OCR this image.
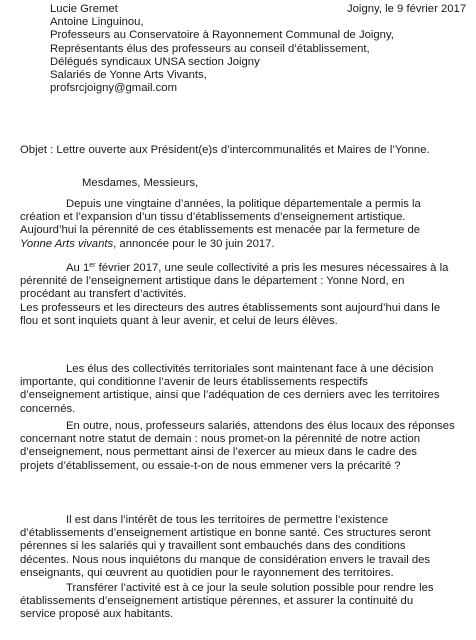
Lucie Gremet
Antoine Linguinou,
Professeurs au Conservatoire à Rayonnement Communal de Joigny,
Représentants élus des professeurs au conseil d’établissement,
Délégués syndicaux UNSA section Joigny
Salariés de Yonne Arts Vivants,
profsrcjoigny@gmail.com
Joigny, le 9 février 2017
Objet : Lettre ouverte aux Président(e)s d’intercommunalités et Maires de l’Yonne.
Mesdames, Messieurs,
Depuis une vingtaine d’années, la politique départementale a permis la
création et l’expansion d’un tissu d’établissements d’enseignement artistique.
Aujourd’hui la pérennité de ces établissements est menacée par la fermeture de
Yonne Arts vivants, annoncée pour le 30 juin 2017.
Au 1er février 2017, une seule collectivité a pris les mesures nécessaires à la
pérennité de l’enseignement artistique dans le département : Yonne Nord, en
procédant au transfert d’activités.
Les professeurs et les directeurs des autres établissements sont aujourd’hui dans le
flou et sont inquiets quant à leur avenir, et celui de leurs élèves.
Les élus des collectivités territoriales sont maintenant face à une décision
importante, qui conditionne l’avenir de leurs établissements respectifs
d’enseignement artistique, ainsi que l’adéquation de ces derniers avec les territoires
concernés.
En outre, nous, professeurs salariés, attendons des élus locaux des réponses
concernant notre statut de demain : nous promet-on la pérennité de notre action
d’enseignement, nous permettant ainsi de l’exercer au mieux dans le cadre des
projets d’établissement, ou essaie-t-on de nous emmener vers la précarité ?
Il est dans l’intérêt de tous les territoires de permettre l’existence
d’établissements d’enseignement artistique en bonne santé. Ces structures seront
pérennes si les salariés qui y travaillent sont embauchés dans des conditions
décentes. Nous nous inquiétons du manque de considération envers le travail des
enseignants, qui œuvrent au quotidien pour le rayonnement des territoires.
Transférer l’activité est à ce jour la seule solution possible pour rendre les
établissements d’enseignement artistique pérennes, et assurer la continuité du
service proposé aux habitants.
